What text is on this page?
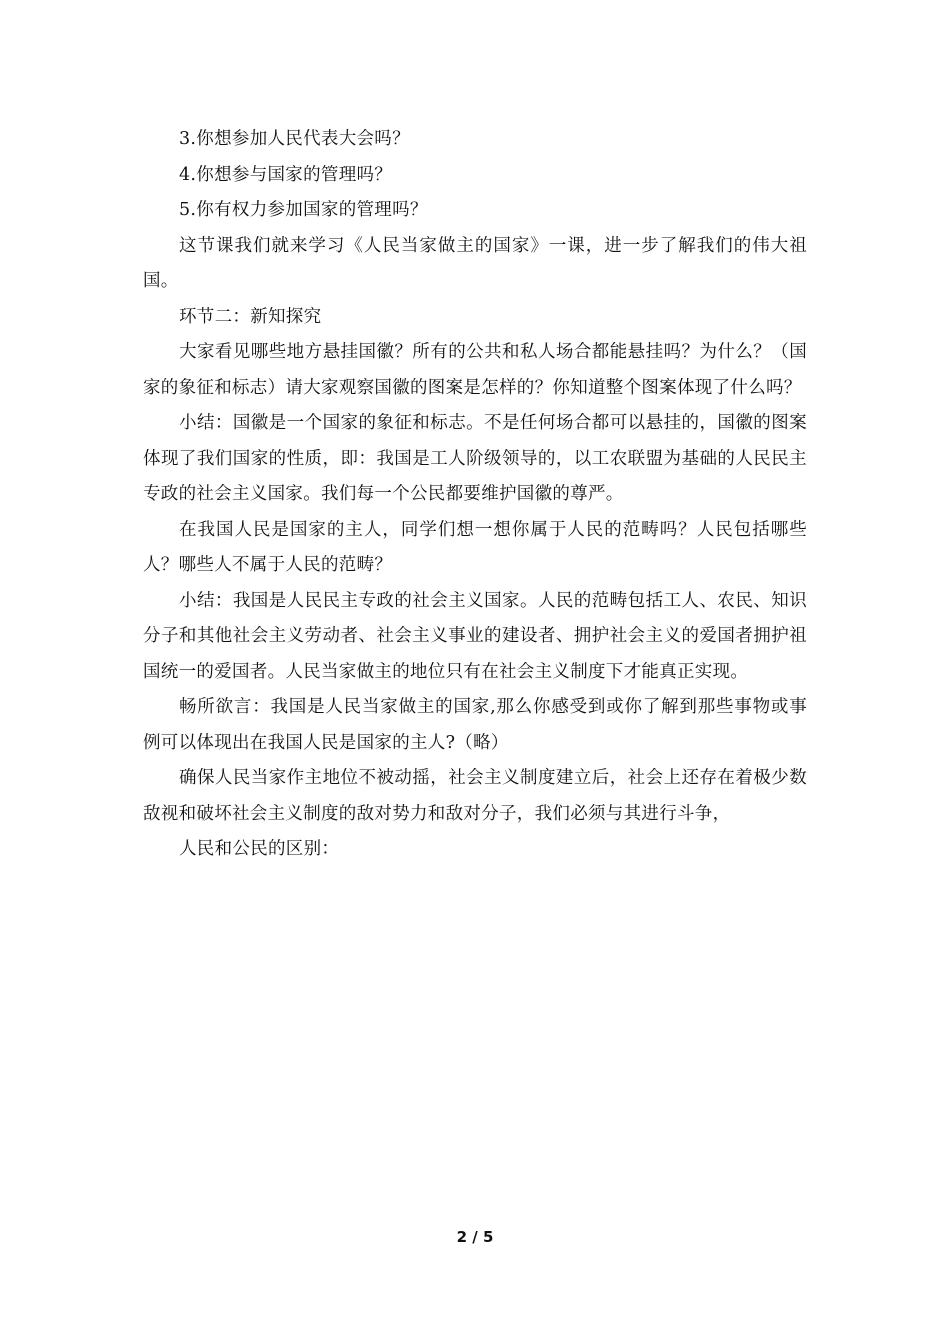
3.你想参加人民代表大会吗？

4.你想参与国家的管理吗？

5.你有权力参加国家的管理吗？

这节课我们就来学习《人民当家做主的国家》一课，进一步了解我们的伟大祖国。

环节二：新知探究

大家看见哪些地方悬挂国徽？所有的公共和私人场合都能悬挂吗？为什么？（国家的象征和标志）请大家观察国徽的图案是怎样的？你知道整个图案体现了什么吗？

小结：国徽是一个国家的象征和标志。不是任何场合都可以悬挂的，国徽的图案体现了我们国家的性质，即：我国是工人阶级领导的，以工农联盟为基础的人民民主专政的社会主义国家。我们每一个公民都要维护国徽的尊严。

在我国人民是国家的主人，同学们想一想你属于人民的范畴吗？人民包括哪些人？哪些人不属于人民的范畴？

小结：我国是人民民主专政的社会主义国家。人民的范畴包括工人、农民、知识分子和其他社会主义劳动者、社会主义事业的建设者、拥护社会主义的爱国者拥护祖国统一的爱国者。人民当家做主的地位只有在社会主义制度下才能真正实现。

畅所欲言：我国是人民当家做主的国家,那么你感受到或你了解到那些事物或事例可以体现出在我国人民是国家的主人?（略）

确保人民当家作主地位不被动摇，社会主义制度建立后，社会上还存在着极少数敌视和破坏社会主义制度的敌对势力和敌对分子，我们必须与其进行斗争，

人民和公民的区别：

2 / 5
